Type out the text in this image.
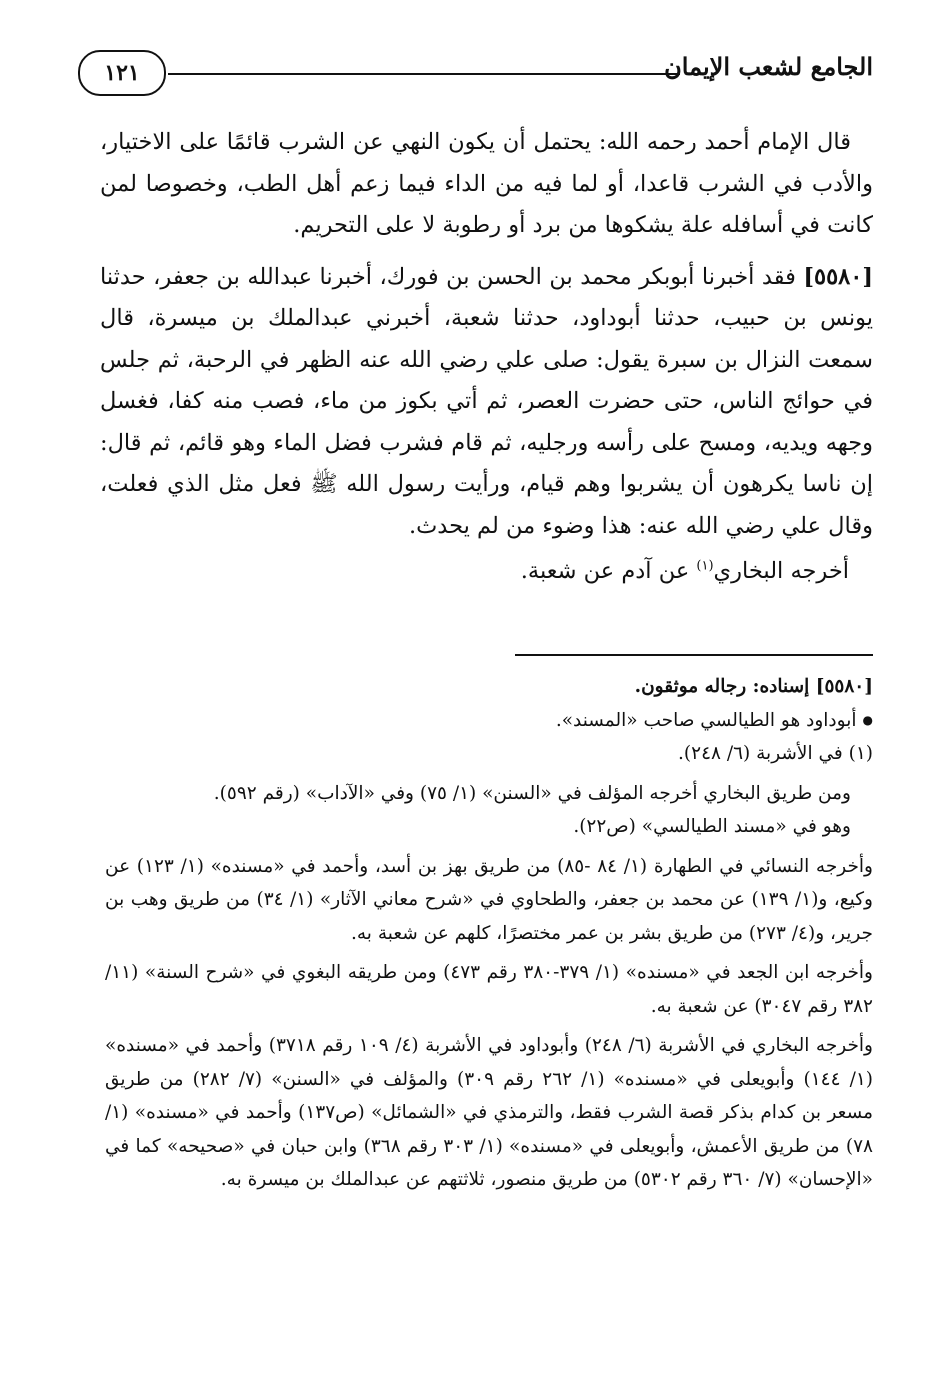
الجامع لشعب الإيمان
١٢١

قال الإمام أحمد رحمه الله: يحتمل أن يكون النهي عن الشرب قائمًا على الاختيار، والأدب في الشرب قاعدا، أو لما فيه من الداء فيما زعم أهل الطب، وخصوصا لمن كانت في أسافله علة يشكوها من برد أو رطوبة لا على التحريم.

[٥٥٨٠] فقد أخبرنا أبوبكر محمد بن الحسن بن فورك، أخبرنا عبدالله بن جعفر، حدثنا يونس بن حبيب، حدثنا أبوداود، حدثنا شعبة، أخبرني عبدالملك بن ميسرة، قال سمعت النزال بن سبرة يقول: صلى علي رضي الله عنه الظهر في الرحبة، ثم جلس في حوائج الناس، حتى حضرت العصر، ثم أتي بكوز من ماء، فصب منه كفا، فغسل وجهه ويديه، ومسح على رأسه ورجليه، ثم قام فشرب فضل الماء وهو قائم، ثم قال: إن ناسا يكرهون أن يشربوا وهم قيام، ورأيت رسول الله ﷺ فعل مثل الذي فعلت، وقال علي رضي الله عنه: هذا وضوء من لم يحدث.

أخرجه البخاري$^{(١)}$ عن آدم عن شعبة.

[٥٥٨٠] إسناده: رجاله موثقون.

● أبوداود هو الطيالسي صاحب «المسند».

(١) في الأشربة (٦/ ٢٤٨).

ومن طريق البخاري أخرجه المؤلف في «السنن» (١/ ٧٥) وفي «الآداب» (رقم ٥٩٢).

وهو في «مسند الطيالسي» (ص٢٢).

وأخرجه النسائي في الطهارة (١/ ٨٤ -٨٥) من طريق بهز بن أسد، وأحمد في «مسنده» (١/ ١٢٣) عن وكيع، و(١/ ١٣٩) عن محمد بن جعفر، والطحاوي في «شرح معاني الآثار» (١/ ٣٤) من طريق وهب بن جرير، و(٤/ ٢٧٣) من طريق بشر بن عمر مختصرًا، كلهم عن شعبة به.

وأخرجه ابن الجعد في «مسنده» (١/ ٣٧٩-٣٨٠ رقم ٤٧٣) ومن طريقه البغوي في «شرح السنة» (١١/ ٣٨٢ رقم ٣٠٤٧) عن شعبة به.

وأخرجه البخاري في الأشربة (٦/ ٢٤٨) وأبوداود في الأشربة (٤/ ١٠٩ رقم ٣٧١٨) وأحمد في «مسنده» (١/ ١٤٤) وأبويعلى في «مسنده» (١/ ٢٦٢ رقم ٣٠٩) والمؤلف في «السنن» (٧/ ٢٨٢) من طريق مسعر بن كدام بذكر قصة الشرب فقط، والترمذي في «الشمائل» (ص١٣٧) وأحمد في «مسنده» (١/ ٧٨) من طريق الأعمش، وأبويعلى في «مسنده» (١/ ٣٠٣ رقم ٣٦٨) وابن حبان في «صحيحه» كما في «الإحسان» (٧/ ٣٦٠ رقم ٥٣٠٢) من طريق منصور، ثلاثتهم عن عبدالملك بن ميسرة به.
